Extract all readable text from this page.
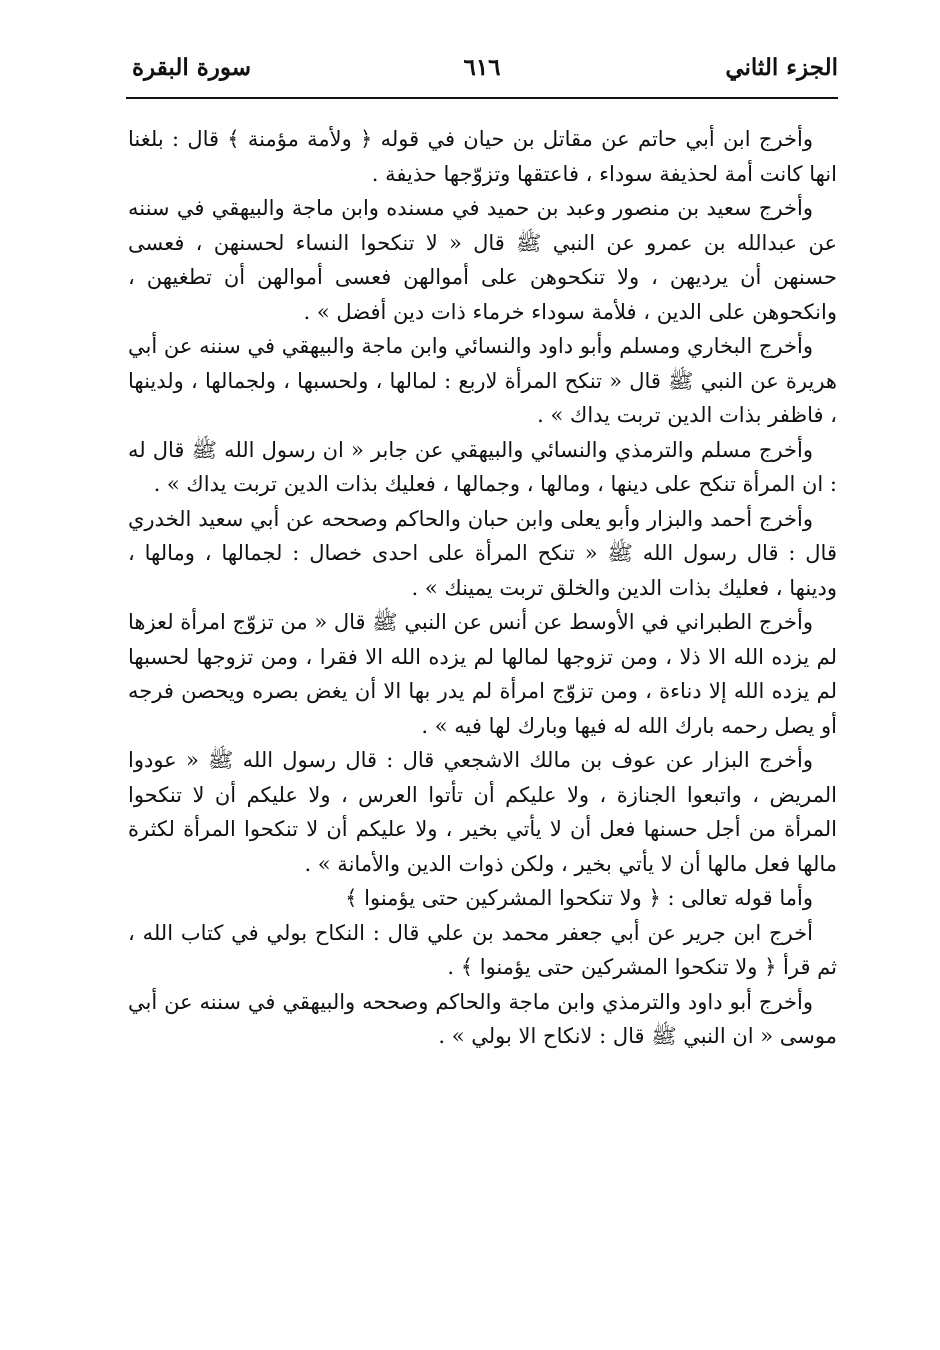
الجزء الثاني
٦١٦
سورة البقرة

وأخرج ابن أبي حاتم عن مقاتل بن حيان في قوله ﴿ ولأمة مؤمنة ﴾ قال : بلغنا انها كانت أمة لحذيفة سوداء ، فاعتقها وتزوّجها حذيفة .

وأخرج سعيد بن منصور وعبد بن حميد في مسنده وابن ماجة والبيهقي في سننه عن عبدالله بن عمرو عن النبي ﷺ قال « لا تنكحوا النساء لحسنهن ، فعسى حسنهن أن يرديهن ، ولا تنكحوهن على أموالهن فعسى أموالهن أن تطغيهن ، وانكحوهن على الدين ، فلأمة سوداء خرماء ذات دين أفضل » .

وأخرج البخاري ومسلم وأبو داود والنسائي وابن ماجة والبيهقي في سننه عن أبي هريرة عن النبي ﷺ قال « تنكح المرأة لاربع : لمالها ، ولحسبها ، ولجمالها ، ولدينها ، فاظفر بذات الدين تربت يداك » .

وأخرج مسلم والترمذي والنسائي والبيهقي عن جابر « ان رسول الله ﷺ قال له : ان المرأة تنكح على دينها ، ومالها ، وجمالها ، فعليك بذات الدين تربت يداك » .

وأخرج أحمد والبزار وأبو يعلى وابن حبان والحاكم وصححه عن أبي سعيد الخدري قال : قال رسول الله ﷺ « تنكح المرأة على احدى خصال : لجمالها ، ومالها ، ودينها ، فعليك بذات الدين والخلق تربت يمينك » .

وأخرج الطبراني في الأوسط عن أنس عن النبي ﷺ قال « من تزوّج امرأة لعزها لم يزده الله الا ذلا ، ومن تزوجها لمالها لم يزده الله الا فقرا ، ومن تزوجها لحسبها لم يزده الله إلا دناءة ، ومن تزوّج امرأة لم يدر بها الا أن يغض بصره ويحصن فرجه أو يصل رحمه بارك الله له فيها وبارك لها فيه » .

وأخرج البزار عن عوف بن مالك الاشجعي قال : قال رسول الله ﷺ « عودوا المريض ، واتبعوا الجنازة ، ولا عليكم أن تأتوا العرس ، ولا عليكم أن لا تنكحوا المرأة من أجل حسنها فعل أن لا يأتي بخير ، ولا عليكم أن لا تنكحوا المرأة لكثرة مالها فعل مالها أن لا يأتي بخير ، ولكن ذوات الدين والأمانة » .

وأما قوله تعالى : ﴿ ولا تنكحوا المشركين حتى يؤمنوا ﴾

أخرج ابن جرير عن أبي جعفر محمد بن علي قال : النكاح بولي في كتاب الله ، ثم قرأ ﴿ ولا تنكحوا المشركين حتى يؤمنوا ﴾ .

وأخرج أبو داود والترمذي وابن ماجة والحاكم وصححه والبيهقي في سننه عن أبي موسى « ان النبي ﷺ قال : لانكاح الا بولي » .
